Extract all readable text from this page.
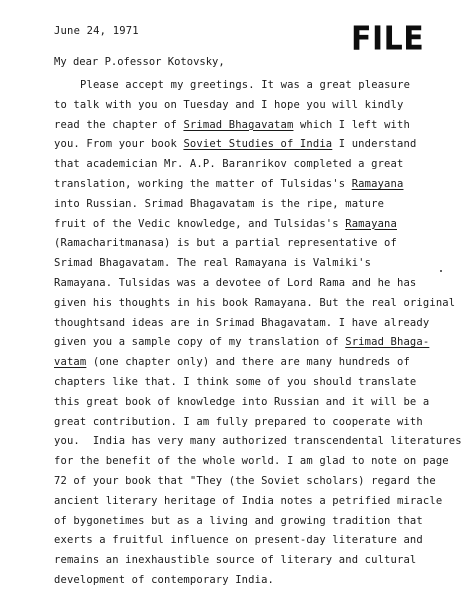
June 24, 1971	FILE
My dear P.ofessor Kotovsky,
Please accept my greetings. It was a great pleasure
to talk with you on Tuesday and I hope you will kindly
read the chapter of Srimad Bhagavatam which I left with
you. From your book Soviet Studies of India I understand
that academician Mr. A.P. Baranrikov completed a great
translation, working the matter of Tulsidas's Ramayana
into Russian. Srimad Bhagavatam is the ripe, mature
fruit of the Vedic knowledge, and Tulsidas's Ramayana
(Ramacharitmanasa) is but a partial representative of
Srimad Bhagavatam. The real Ramayana is Valmiki's
Ramayana. Tulsidas was a devotee of Lord Rama and he has
given his thoughts in his book Ramayana. But the real original
thoughtsand ideas are in Srimad Bhagavatam. I have already
given you a sample copy of my translation of Srimad Bhaga-
vatam (one chapter only) and there are many hundreds of
chapters like that. I think some of you should translate
this great book of knowledge into Russian and it will be a
great contribution. I am fully prepared to cooperate with
you.  India has very many authorized transcendental literatures
for the benefit of the whole world. I am glad to note on page
72 of your book that "They (the Soviet scholars) regard the
ancient literary heritage of India notes a petrified miracle
of bygonetimes but as a living and growing tradition that
exerts a fruitful influence on present-day literature and
remains an inexhaustible source of literary and cultural
development of contemporary India.
